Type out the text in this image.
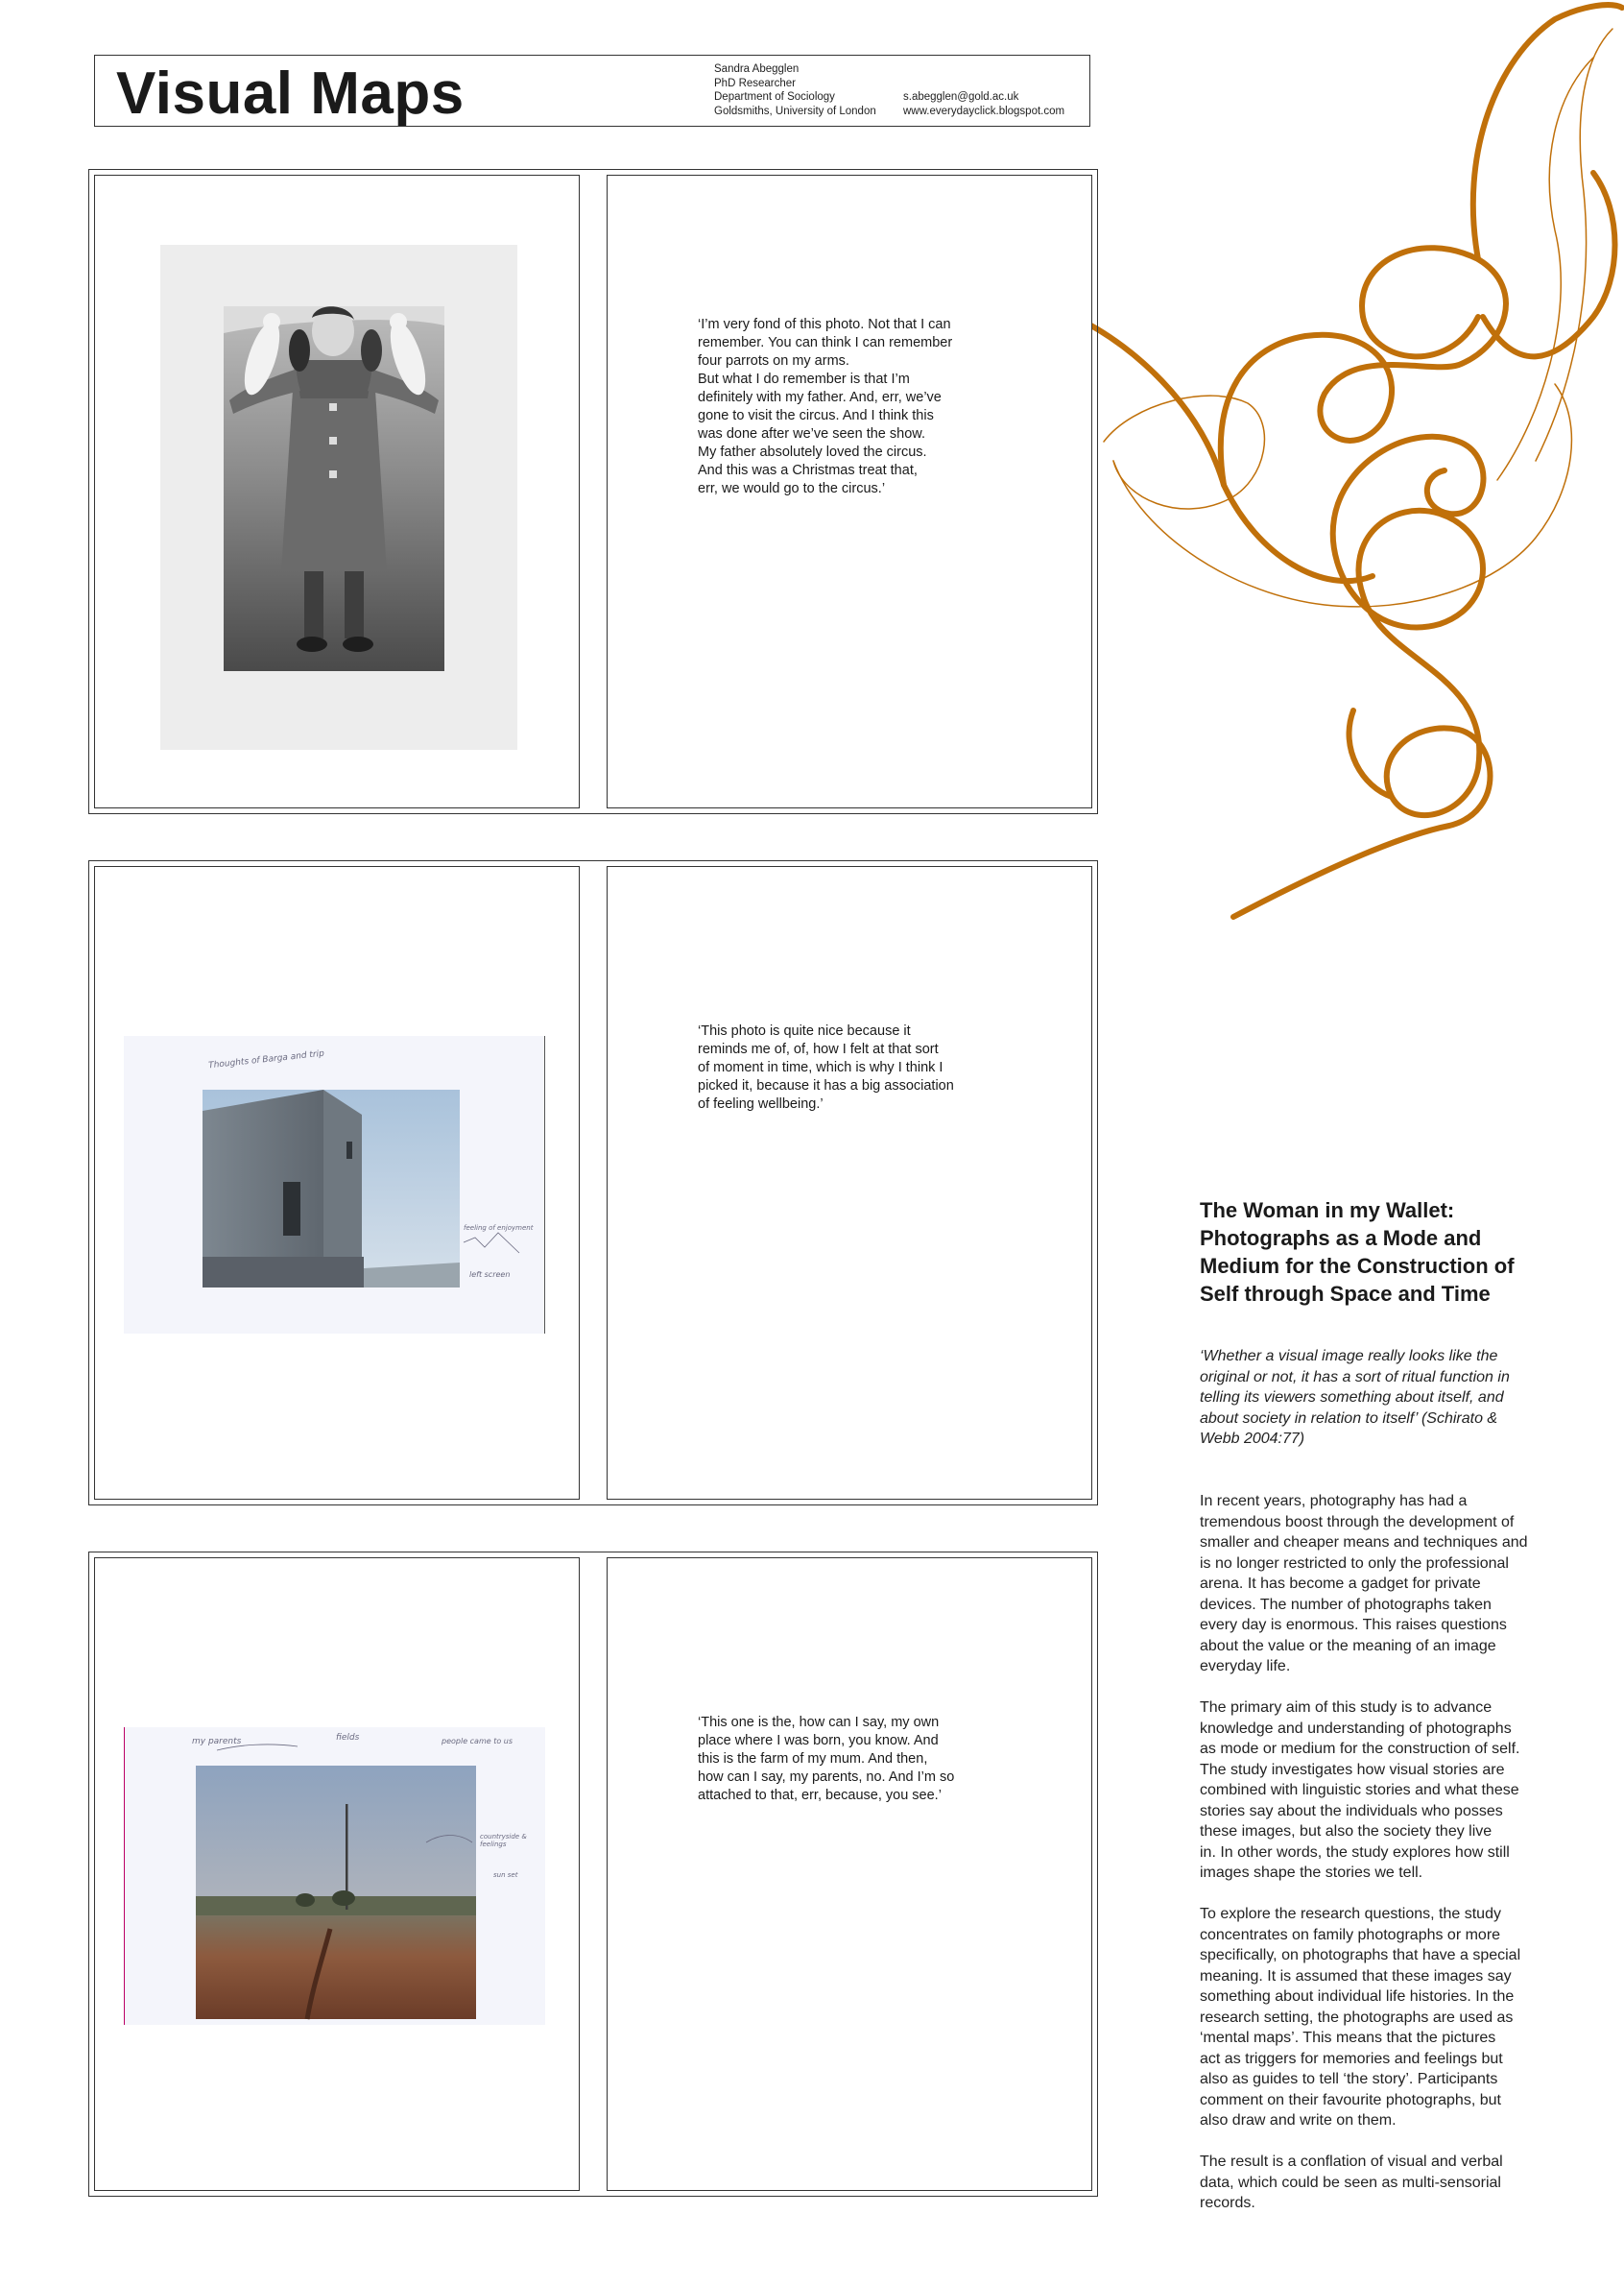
Visual Maps	Sandra Abegglen
PhD Researcher
Department of Sociology
Goldsmiths, University of London
s.abegglen@gold.ac.uk
www.everydayclick.blogspot.com

‘I’m very fond of this photo. Not that I can

remember. You can think I can remember

four parrots on my arms.

But what I do remember is that I’m

definitely with my father. And, err, we’ve

gone to visit the circus. And I think this

was done after we’ve seen the show.

My father absolutely loved the circus.

And this was a Christmas treat that,

err, we would go to the circus.’

Thoughts of Barga and trip
feeling of enjoyment
left screen

‘This photo is quite nice because it

reminds me of, of, how I felt at that sort

of moment in time, which is why I think I

picked it, because it has a big association

of feeling wellbeing.’

my parents	fields	people came to us
countryside & feelings
sun set

‘This one is the, how can I say, my own

place where I was born, you know. And

this is the farm of my mum. And then,

how can I say, my parents, no. And I’m so

attached to that, err, because, you see.’

The Woman in my Wallet:
Photographs as a Mode and
Medium for the Construction of
Self through Space and Time
‘Whether a visual image really looks like the
original or not, it has a sort of ritual function in
telling its viewers something about itself, and
about society in relation to itself’ (Schirato &
Webb 2004:77)

In recent years, photography has had a
tremendous boost through the development of
smaller and cheaper means and techniques and
is no longer restricted to only the professional
arena. It has become a gadget for private
devices. The number of photographs taken
every day is enormous. This raises questions
about the value or the meaning of an image
everyday life.

The primary aim of this study is to advance
knowledge and understanding of photographs
as mode or medium for the construction of self.
The study investigates how visual stories are
combined with linguistic stories and what these
stories say about the individuals who posses
these images, but also the society they live
in. In other words, the study explores how still
images shape the stories we tell.

To explore the research questions, the study
concentrates on family photographs or more
specifically, on photographs that have a special
meaning. It is assumed that these images say
something about individual life histories. In the
research setting, the photographs are used as
‘mental maps’. This means that the pictures
act as triggers for memories and feelings but
also as guides to tell ‘the story’. Participants
comment on their favourite photographs, but
also draw and write on them.

The result is a conflation of visual and verbal
data, which could be seen as multi-sensorial
records.
